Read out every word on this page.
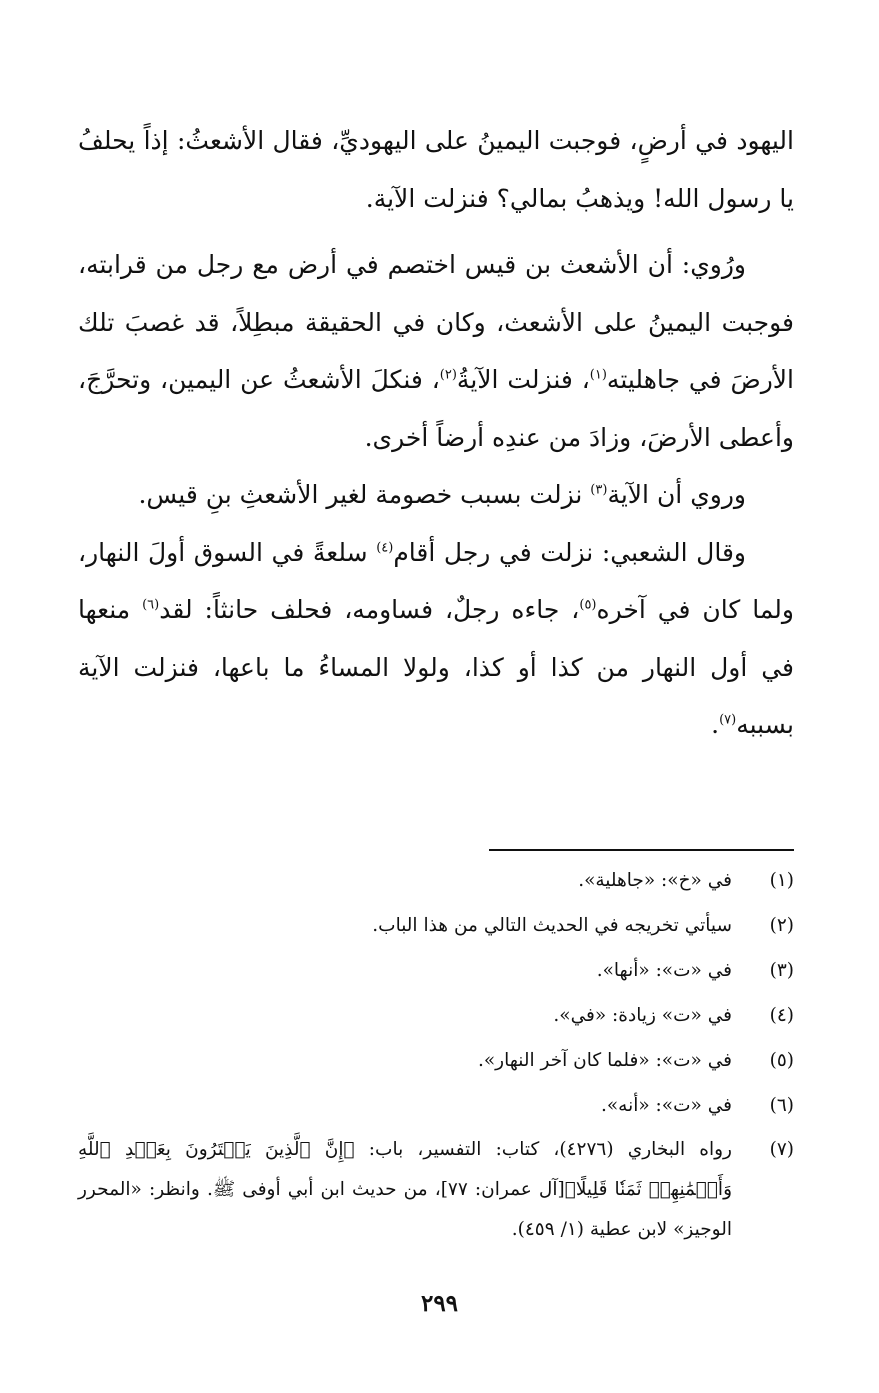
اليهود في أرضٍ، فوجبت اليمينُ على اليهوديِّ، فقال الأشعثُ: إذاً يحلفُ يا رسول الله! ويذهبُ بمالي؟ فنزلت الآية.

ورُوي: أن الأشعث بن قيس اختصم في أرض مع رجل من قرابته، فوجبت اليمينُ على الأشعث، وكان في الحقيقة مبطِلاً، قد غصبَ تلك الأرضَ في جاهليته$^{(١)}$، فنزلت الآيةُ$^{(٢)}$، فنكلَ الأشعثُ عن اليمين، وتحرَّجَ، وأعطى الأرضَ، وزادَ من عندِه أرضاً أخرى.

وروي أن الآية$^{(٣)}$ نزلت بسبب خصومة لغير الأشعثِ بنِ قيس.

وقال الشعبي: نزلت في رجل أقام$^{(٤)}$ سلعةً في السوق أولَ النهار، ولما كان في آخره$^{(٥)}$، جاءه رجلٌ، فساومه، فحلف حانثاً: لقد$^{(٦)}$ منعها في أول النهار من كذا أو كذا، ولولا المساءُ ما باعها، فنزلت الآية بسببه$^{(٧)}$.

(١)
في «خ»: «جاهلية».
(٢)
سيأتي تخريجه في الحديث التالي من هذا الباب.
(٣)
في «ت»: «أنها».
(٤)
في «ت» زيادة: «في».
(٥)
في «ت»: «فلما كان آخر النهار».
(٦)
في «ت»: «أنه».
(٧)
رواه البخاري (٤٢٧٦)، كتاب: التفسير، باب: ﴿إِنَّ ٱلَّذِينَ يَشۡتَرُونَ بِعَهۡدِ ٱللَّهِ وَأَيۡمَٰنِهِمۡ ثَمَنٗا قَلِيلًا﴾[آل عمران: ٧٧]، من حديث ابن أبي أوفى ﷺ. وانظر: «المحرر الوجيز» لابن عطية (١/ ٤٥٩).
٢٩٩
